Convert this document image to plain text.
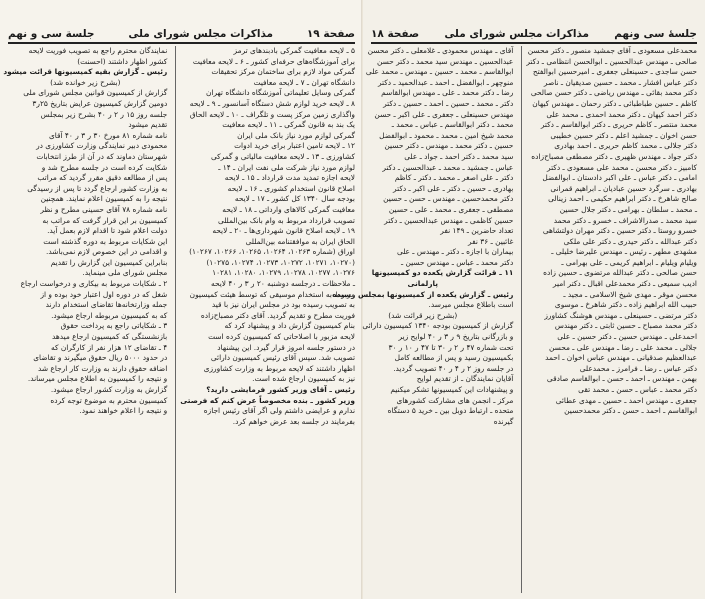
صفحة ١٩
مذاکرات مجلس شورای ملی
جلسة سی و نهم
۵ ـ لایحه معافیت گمرکی بادبندهای ترمز
برای آموزشگاه‌های حرفه‌ای کشور ـ ۶ ـ لایحه معافیت
گمرکی مواد لازم برای ساختمان مرکز تحقیقات
دانشگاه تهران ـ ۷ ـ لایحه معافیت
گمرکی وسایل تعلیماتی آموزشگاه دانشگاه تهران
۸ ـ لایحه خرید لوازم شش دستگاه آسانسور ـ ۹ ـ لایحه
واگذاری زمین مرکز پست و تلگراف ـ ۱۰ ـ لایحه الحاق
یک بند به قانون گمرکی ـ ۱۱ ـ لایحه معافیت
گمرکی لوازم مورد نیاز بانک ملی ایران
۱۲ ـ لایحه تامین اعتبار برای خرید ادوات
کشاورزی ـ ۱۳ ـ لایحه معافیت مالیاتی و گمرکی
لوازم مورد نیاز شرکت ملی نفت ایران ـ ۱۴ ـ
لایحه اجازه تمدید مدت قرارداد ـ ۱۵ ـ لایحه
اصلاح قانون استخدام کشوری ـ ۱۶ ـ لایحه
بودجه سال ۱۳۴۰ کل کشور ـ ۱۷ ـ لایحه
معافیت گمرکی کالاهای وارداتی ـ ۱۸ ـ لایحه
تصویب قرارداد مربوط به وام بانک بین‌المللی
۱۹ ـ لایحه اصلاح قانون شهرداری‌ها ـ ۲۰ ـ لایحه
الحاق ایران به موافقتنامه بین‌المللی
اوراق (شماره ۱۰۲۶۳، ۱۰۲۶۴، ۱۰۲۶۵، ۱۰۲۶۶، ۱۰۲۶۷)
(۱۰۲۷۰، ۱۰۲۷۱، ۱۰۲۷۲، ۱۰۲۷۳، ۱۰۲۷۴، ۱۰۲۷۵)
۱۰۲۷۶، ۱۰۲۷۷، ۱۰۲۷۸، ۱۰۲۷۹، ۱۰۲۸۰، ۱۰۲۸۱
ـ ملاحظات ـ درجلسه دوشنبه ۲۰ ر ۳ ر ۴۰ لایحه
مربوط به استخدام موسیقی که توسط هیئت کمیسیون
به تصویب رسیده بود در مجلس ایران نیز با قید
فوریت مطرح و تقدیم گردید. آقای دکتر مصباح‌زاده
بنام کمیسیون گزارش داد و پیشنهاد کرد که
لایحه مزبور با اصلاحاتی که کمیسیون کرده است
در دستور جلسه امروز قرار گیرد. این پیشنهاد
تصویب شد. سپس آقای رئیس کمیسیون دارائی
اظهار داشتند که لایحه مربوط به وزارت کشاورزی
نیز به کمیسیون ارجاع شده است.
رئیس ـ آقای وزیر کشور فرمایشی دارید؟
وزیر کشور ـ بنده مخصوصاً عرض کنم که فرصتی
ندارم و عرایضی داشتم ولی اگر آقای رئیس اجازه
بفرمایند در جلسه بعد عرض خواهم کرد.
نمایندگان محترم راجع به تصویب فوریت لایحه
کشور اظهار داشتند (احسنت)
رئیس ـ گزارش بقیه کمیسیونها قرائت میشود
(بشرح زیر خوانده شد)
گزارش از کمیسیون قوانین مجلس شورای ملی
دومین گزارش کمیسیون عرایض بتاریخ ۲۵ر۳
جلسه روز ۱۵ ر ۲ ر ۴۰ بشرح زیر بمجلس
تقدیم میشود
نامه شماره ۸۱ مورخ ۳۰ ر ۳ ر ۴۰ آقای
محمودی دبیر نمایندگی وزارت کشاورزی در
شهرستان دماوند که در آن از طرز انتخابات
شکایت کرده است در جلسه مطرح شد و
پس از مطالعه دقیق مقرر گردید که مراتب
به وزارت کشور ارجاع گردد تا پس از رسیدگی
نتیجه را به کمیسیون اعلام نمایند. همچنین
نامه شماره ۷۸ آقای حسینی مطرح و نظر
کمیسیون بر این قرار گرفت که مراتب به
دولت اعلام شود تا اقدام لازم بعمل آید.
این شکایات مربوط به دوره گذشته است
و اقدامی در این خصوص لازم نمی‌باشد.
بنابراین کمیسیون این گزارش را تقدیم
مجلس شورای ملی مینماید.
۲ ـ شکایات مربوط به بیکاری و درخواست ارجاع
شغل که در دوره اول اعتبار خود بوده و از
جمله وزارتخانه‌ها تقاضای استخدام دارند
که به کمیسیون مربوطه ارجاع میشود.
۳ ـ شکایاتی راجع به پرداخت حقوق
بازنشستگی که کمیسیون ارجاع میدهد
۴ ـ تقاضای ۱۲ هزار نفر از کارگران که
در حدود ۵۰۰۰ ریال حقوق میگیرند و تقاضای
اضافه حقوق دارند به وزارت کار ارجاع شد
و نتیجه را کمیسیون به اطلاع مجلس میرساند.
گزارش به وزارت کشور ارجاع میشود.
کمیسیون محترم به موضوع توجه کرده
و نتیجه را اعلام خواهند نمود.
جلسهٔ سی ونهم
مذاکرات مجلس شورای ملی
صفحة ١٨
محمدعلی مسعودی ـ آقای جمشید منصور ـ دکتر محسن
صالحی ـ مهندس عبدالحسین ـ ابوالحسن انتظامی ـ دکتر
حسن ساجدی ـ حسینعلی جعفری ـ امیرحسین ابوالفتح
دکتر عباس افشار ـ محمد ـ حسین صدیقیان ـ ناصر
دکتر محمد بقائی ـ مهندس ریاضی ـ دکتر حسن صالحی
کاظم ـ حسین طباطبائی ـ دکتر رحمان ـ مهندس کیهان
دکتر احمد کیهان ـ دکتر محمد احمدی ـ محمد علی
محمد منتصر ـ کاظم حریری ـ دکتر ابوالقاسم ـ دکتر
حسن اخوان ـ جمشید اعلم ـ دکتر حسین خطیبی
دکتر جلالی ـ محمد کاظم حریری ـ احمد بهادری
دکتر جواد ـ مهندس ظهیری ـ دکتر مصطفی مصباح‌زاده
کامبیز ـ دکتر محسن ـ محمد علی مسعودی ـ دکتر
امامی ـ دکتر عباس ـ علی اکبر دادستان ـ ابوالفضل
بهادری ـ سرگرد حسین عبادیان ـ ابراهیم قمرانی
صالح شاهرخ ـ دکتر ابراهیم حکیمی ـ احمد زینالی
ـ محمد ـ سلطان ـ بهرامی ـ دکتر جلال حسین
سید محمد ـ صدرالاشراف ـ خسرو ـ دکتر محمد
خسرو روستا ـ دکتر حسین ـ دکتر مهران دولتشاهی
دکتر عبدالله ـ دکتر حیدری ـ دکتر علی ملکی
مشهدی مطهر ـ رئیس ـ مهندس علیرضا خلیلی ـ
ویلیام ویلیام ـ ابراهیم کریمی ـ علی بهرامی ـ
حسن صالحی ـ دکتر عبدالله مرتضوی ـ حسین زاده
ادیب سمیعی ـ دکتر محمدعلی اقبال ـ دکتر امیر
محسن موقر ـ مهدی شیخ الاسلامی ـ مجید ـ
حبیب الله ابراهیم زاده ـ دکتر شاهرخ ـ موسوی
دکتر مرتضی ـ حسینعلی ـ مهندس هوشنگ کشاورز
دکتر محمد مصباح ـ حسین ثابتی ـ دکتر مهندس
احمدعلی ـ مهندس حسین ـ دکتر حسین ـ علی
جلالی ـ محمد علی ـ رضا ـ مهندس علی ـ محسن
عبدالعظیم صدقیانی ـ مهندس عباس اخوان ـ احمد
دکتر عباس ـ رضا ـ فرامرز ـ محمدعلی
بهمن ـ مهندس ـ احمد ـ حسن ـ ابوالقاسم صادقی
دکتر محمد ـ عباس ـ حسن ـ محمد تقی
جعفری ـ مهندس احمد ـ حسین ـ مهدی عطائی
ابوالقاسم ـ احمد ـ حسن ـ دکتر محمدحسین
آقای ـ مهندس محمودی ـ غلامعلی ـ دکتر محسن
عبدالحسین ـ مهندس سید محمد ـ دکتر حسن
ابوالقاسم ـ محمد ـ حسین ـ مهندس ـ محمد علی
منوچهر ـ ابوالفضل ـ احمد ـ عبدالحمید ـ دکتر
رضا ـ دکتر محمد ـ علی ـ مهندس ابوالقاسم
دکتر ـ محمد ـ حسین ـ احمد ـ حسین ـ دکتر
مهندس حسینعلی ـ جعفری ـ علی اکبر ـ حسن
محمد ـ دکتر ابوالقاسم ـ عباس ـ محمد ـ
محمد شیخ امین ـ محمد ـ محمود ـ ابوالفضل
حسین ـ دکتر محمد ـ مهندس ـ دکتر حسین
سید محمد ـ دکتر احمد ـ جواد ـ علی
عباس ـ جمشید ـ محمد ـ عبدالحسین ـ دکتر
دکتر ـ علی اصغر ـ محمد ـ دکتر ـ کاظم
بهادری ـ حسین ـ دکتر ـ علی اکبر ـ دکتر
دکتر محمدحسین ـ مهندس ـ حسن ـ حسین
مصطفی ـ جعفری ـ محمد ـ علی ـ حسین
حسین کاظمی ـ مهندس عبدالحسین ـ دکتر
تعداد حاضرین ـ ۱۴۹ نفر
غائبین ـ ۳۶ نفر
بیماران با اجازه ـ دکتر ـ مهندس ـ علی
دکتر محمد ـ عباس ـ مهندس حسین ـ
۱۱ ـ قرائت گزارش یکعده دو کمیسیونها
پارلمانی
رئیس ـ گزارش یکعده از کمیسیونها بمجلس رسیده
است باطلاع مجلس میرسد.
(بشرح زیر قرائت شد)
گزارش از کمیسیون بودجه ۱۳۴۰ کمیسیون دارائی
و بازرگانی بتاریخ ۹ ر ۳ ر ۴۰ لوایح زیر
تحت شماره ۴۷ ر ۲ ر ۳۰ تا ۴۷ ر ۱۰ ر ۳۰
بکمیسیون رسید و پس از مطالعه کامل
در جلسه روز ۲ ر ۴ ر ۴۰ تصویب گردید.
آقایان نمایندگان ـ از تقدیم لوایح
و پیشنهادات این کمیسیونها تشکر میکنیم
مرکز ـ انجمن های مشارکت کشورهای
متحده ـ ارتباط دوبل بین ـ خرید ۵ دستگاه
گیرنده
